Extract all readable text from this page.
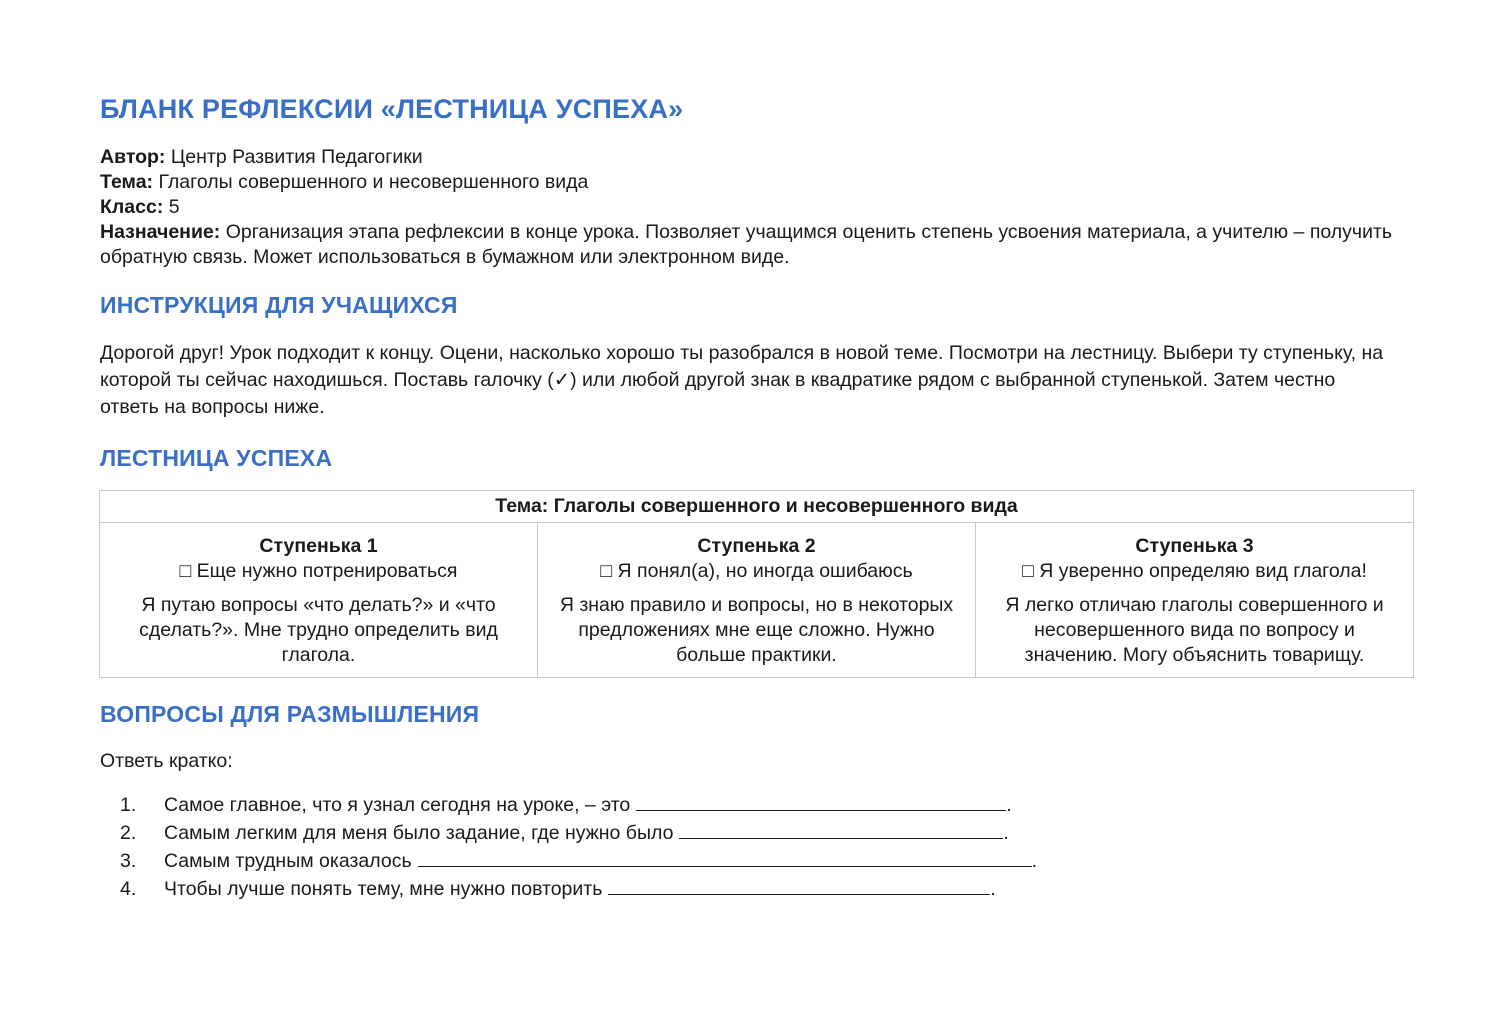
БЛАНК РЕФЛЕКСИИ «ЛЕСТНИЦА УСПЕХА»
Автор: Центр Развития Педагогики
Тема: Глаголы совершенного и несовершенного вида
Класс: 5
Назначение: Организация этапа рефлексии в конце урока. Позволяет учащимся оценить степень усвоения материала, а учителю – получить обратную связь. Может использоваться в бумажном или электронном виде.
ИНСТРУКЦИЯ ДЛЯ УЧАЩИХСЯ
Дорогой друг! Урок подходит к концу. Оцени, насколько хорошо ты разобрался в новой теме. Посмотри на лестницу. Выбери ту ступеньку, на которой ты сейчас находишься. Поставь галочку (✓) или любой другой знак в квадратике рядом с выбранной ступенькой. Затем честно ответь на вопросы ниже.
ЛЕСТНИЦА УСПЕХА
Тема: Глаголы совершенного и несовершенного вида

Ступенька 1
□ Еще нужно потренироваться
Я путаю вопросы «что делать?» и «что сделать?». Мне трудно определить вид глагола.

Ступенька 2
□ Я понял(а), но иногда ошибаюсь
Я знаю правило и вопросы, но в некоторых предложениях мне еще сложно. Нужно больше практики.

Ступенька 3
□ Я уверенно определяю вид глагола!
Я легко отличаю глаголы совершенного и несовершенного вида по вопросу и значению. Могу объяснить товарищу.
ВОПРОСЫ ДЛЯ РАЗМЫШЛЕНИЯ
Ответь кратко:
1.	Самое главное, что я узнал сегодня на уроке, – это	.
2.	Самым легким для меня было задание, где нужно было	.
3.	Самым трудным оказалось	.
4.	Чтобы лучше понять тему, мне нужно повторить	.
